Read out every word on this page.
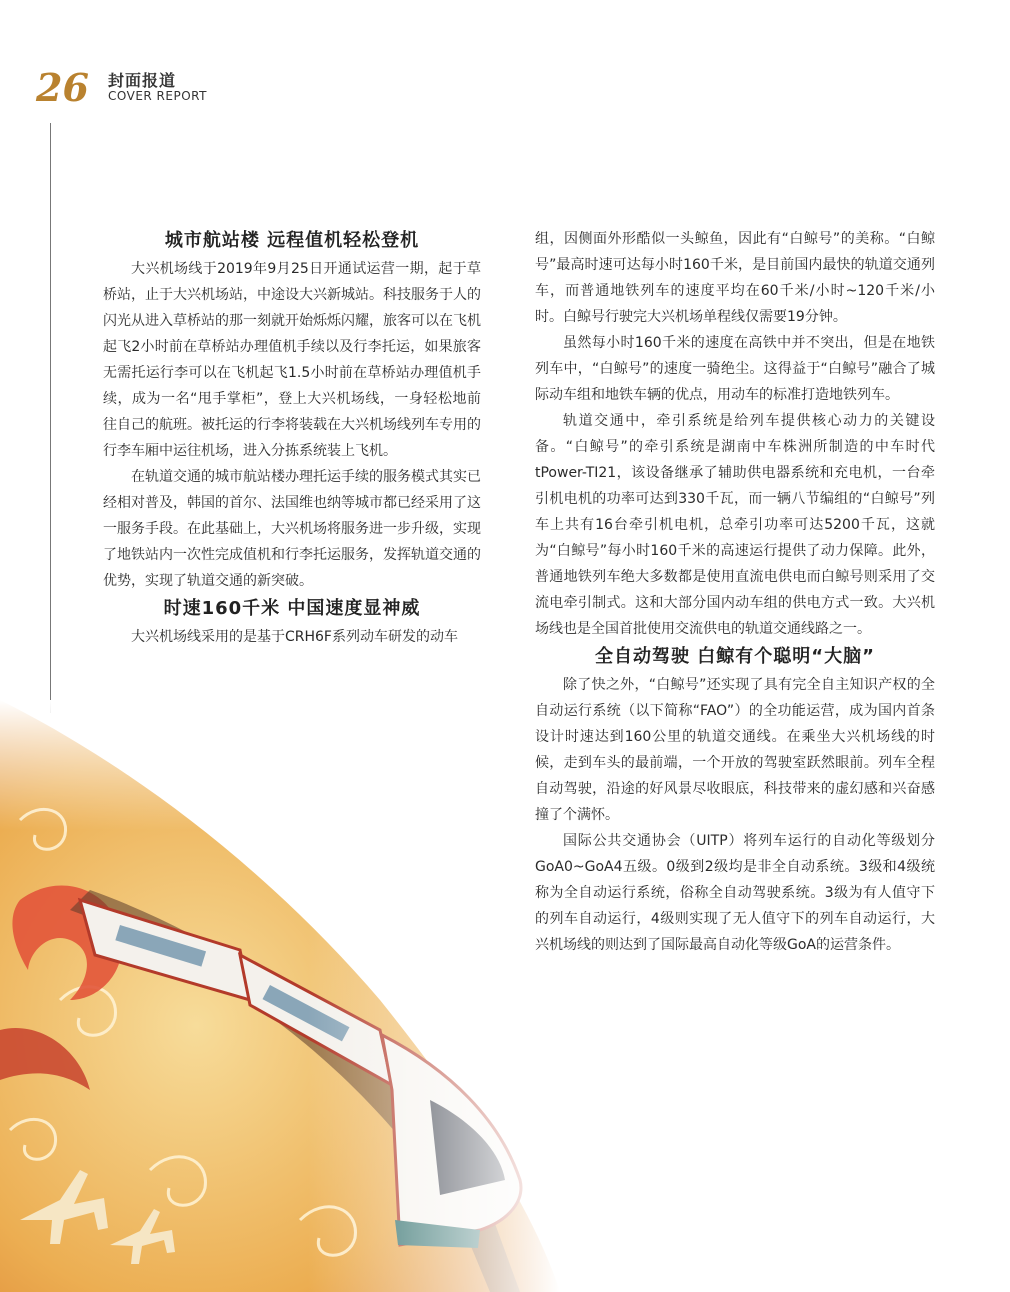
26 封面报道
COVER REPORT
城市航站楼 远程值机轻松登机

大兴机场线于2019年9月25日开通试运营一期，起于草桥站，止于大兴机场站，中途设大兴新城站。科技服务于人的闪光从进入草桥站的那一刻就开始烁烁闪耀，旅客可以在飞机起飞2小时前在草桥站办理值机手续以及行李托运，如果旅客无需托运行李可以在飞机起飞1.5小时前在草桥站办理值机手续，成为一名“甩手掌柜”，登上大兴机场线，一身轻松地前往自己的航班。被托运的行李将装载在大兴机场线列车专用的行李车厢中运往机场，进入分拣系统装上飞机。

在轨道交通的城市航站楼办理托运手续的服务模式其实已经相对普及，韩国的首尔、法国维也纳等城市都已经采用了这一服务手段。在此基础上，大兴机场将服务进一步升级，实现了地铁站内一次性完成值机和行李托运服务，发挥轨道交通的优势，实现了轨道交通的新突破。

时速160千米 中国速度显神威

大兴机场线采用的是基于CRH6F系列动车研发的动车

组，因侧面外形酷似一头鲸鱼，因此有“白鲸号”的美称。“白鲸号”最高时速可达每小时160千米，是目前国内最快的轨道交通列车，而普通地铁列车的速度平均在60千米/小时~120千米/小时。白鲸号行驶完大兴机场单程线仅需要19分钟。

虽然每小时160千米的速度在高铁中并不突出，但是在地铁列车中，“白鲸号”的速度一骑绝尘。这得益于“白鲸号”融合了城际动车组和地铁车辆的优点，用动车的标准打造地铁列车。

轨道交通中，牵引系统是给列车提供核心动力的关键设备。“白鲸号”的牵引系统是湖南中车株洲所制造的中车时代tPower-TI21，该设备继承了辅助供电器系统和充电机，一台牵引机电机的功率可达到330千瓦，而一辆八节编组的“白鲸号”列车上共有16台牵引机电机，总牵引功率可达5200千瓦，这就为“白鲸号”每小时160千米的高速运行提供了动力保障。此外，普通地铁列车绝大多数都是使用直流电供电而白鲸号则采用了交流电牵引制式。这和大部分国内动车组的供电方式一致。大兴机场线也是全国首批使用交流供电的轨道交通线路之一。

全自动驾驶 白鲸有个聪明“大脑”

除了快之外，“白鲸号”还实现了具有完全自主知识产权的全自动运行系统（以下简称“FAO”）的全功能运营，成为国内首条设计时速达到160公里的轨道交通线。在乘坐大兴机场线的时候，走到车头的最前端，一个开放的驾驶室跃然眼前。列车全程自动驾驶，沿途的好风景尽收眼底，科技带来的虚幻感和兴奋感撞了个满怀。

国际公共交通协会（UITP）将列车运行的自动化等级划分GoA0~GoA4五级。0级到2级均是非全自动系统。3级和4级统称为全自动运行系统，俗称全自动驾驶系统。3级为有人值守下的列车自动运行，4级则实现了无人值守下的列车自动运行，大兴机场线的则达到了国际最高自动化等级GoA的运营条件。
